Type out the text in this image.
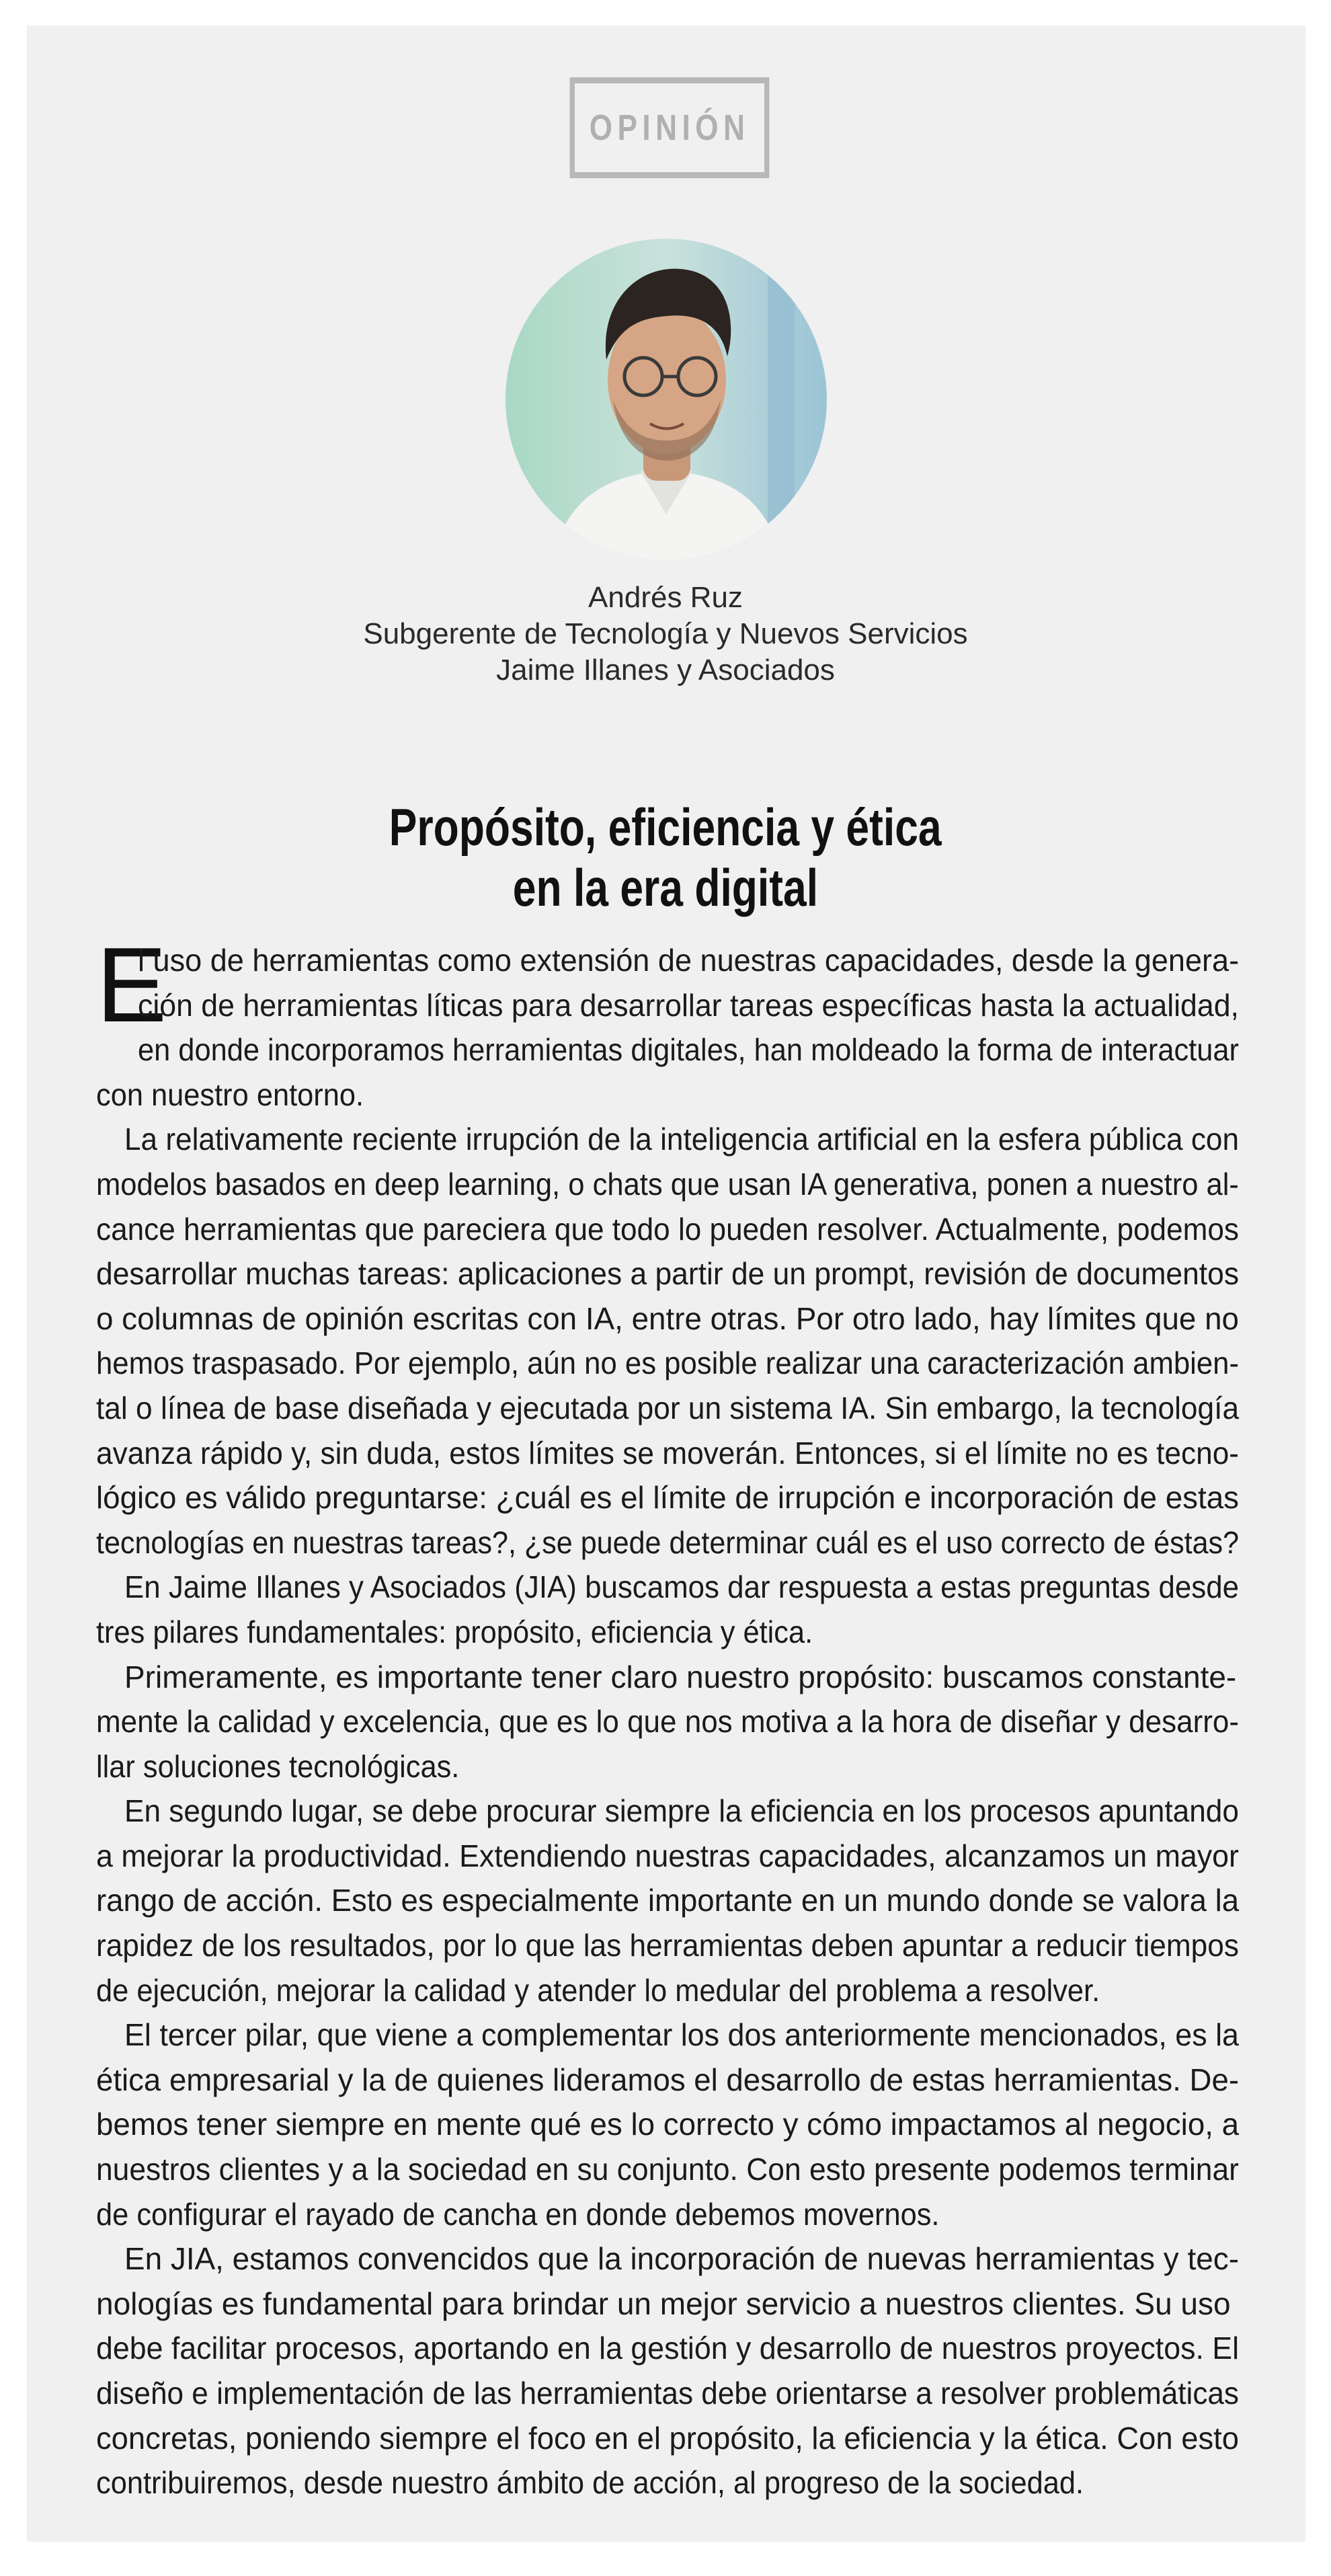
OPINIÓN
Andrés Ruz
Subgerente de Tecnología y Nuevos Servicios
Jaime Illanes y Asociados
Propósito, eficiencia y ética
en la era digital
E
l uso de herramientas como extensión de nuestras capacidades, desde la genera-
ción de herramientas líticas para desarrollar tareas específicas hasta la actualidad,
en donde incorporamos herramientas digitales, han moldeado la forma de interactuar
con nuestro entorno.
La relativamente reciente irrupción de la inteligencia artificial en la esfera pública con
modelos basados en deep learning, o chats que usan IA generativa, ponen a nuestro al-
cance herramientas que pareciera que todo lo pueden resolver. Actualmente, podemos
desarrollar muchas tareas: aplicaciones a partir de un prompt, revisión de documentos
o columnas de opinión escritas con IA, entre otras. Por otro lado, hay límites que no
hemos traspasado. Por ejemplo, aún no es posible realizar una caracterización ambien-
tal o línea de base diseñada y ejecutada por un sistema IA. Sin embargo, la tecnología
avanza rápido y, sin duda, estos límites se moverán. Entonces, si el límite no es tecno-
lógico es válido preguntarse: ¿cuál es el límite de irrupción e incorporación de estas
tecnologías en nuestras tareas?, ¿se puede determinar cuál es el uso correcto de éstas?
En Jaime Illanes y Asociados (JIA) buscamos dar respuesta a estas preguntas desde
tres pilares fundamentales: propósito, eficiencia y ética.
Primeramente, es importante tener claro nuestro propósito: buscamos constante-
mente la calidad y excelencia, que es lo que nos motiva a la hora de diseñar y desarro-
llar soluciones tecnológicas.
En segundo lugar, se debe procurar siempre la eficiencia en los procesos apuntando
a mejorar la productividad. Extendiendo nuestras capacidades, alcanzamos un mayor
rango de acción. Esto es especialmente importante en un mundo donde se valora la
rapidez de los resultados, por lo que las herramientas deben apuntar a reducir tiempos
de ejecución, mejorar la calidad y atender lo medular del problema a resolver.
El tercer pilar, que viene a complementar los dos anteriormente mencionados, es la
ética empresarial y la de quienes lideramos el desarrollo de estas herramientas. De-
bemos tener siempre en mente qué es lo correcto y cómo impactamos al negocio, a
nuestros clientes y a la sociedad en su conjunto. Con esto presente podemos terminar
de configurar el rayado de cancha en donde debemos movernos.
En JIA, estamos convencidos que la incorporación de nuevas herramientas y tec-
nologías es fundamental para brindar un mejor servicio a nuestros clientes. Su uso
debe facilitar procesos, aportando en la gestión y desarrollo de nuestros proyectos. El
diseño e implementación de las herramientas debe orientarse a resolver problemáticas
concretas, poniendo siempre el foco en el propósito, la eficiencia y la ética. Con esto
contribuiremos, desde nuestro ámbito de acción, al progreso de la sociedad.
